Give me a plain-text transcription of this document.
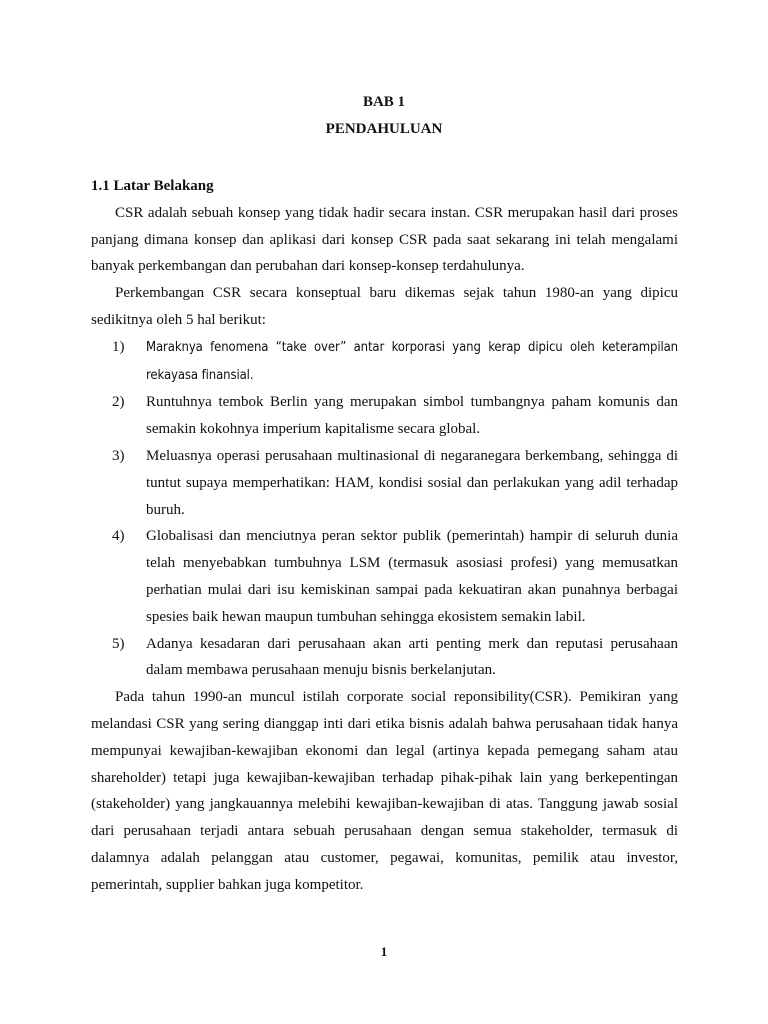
BAB 1
PENDAHULUAN

1.1 Latar Belakang

CSR adalah sebuah konsep yang tidak hadir secara instan. CSR merupakan hasil dari proses panjang dimana konsep dan aplikasi dari konsep CSR pada saat sekarang ini telah mengalami banyak perkembangan dan perubahan dari konsep-konsep terdahulunya.

Perkembangan CSR secara konseptual baru dikemas sejak tahun 1980-an yang dipicu sedikitnya oleh 5 hal berikut:

1) Maraknya fenomena “take over” antar korporasi yang kerap dipicu oleh keterampilan rekayasa finansial.
2) Runtuhnya tembok Berlin yang merupakan simbol tumbangnya paham komunis dan semakin kokohnya imperium kapitalisme secara global.
3) Meluasnya operasi perusahaan multinasional di negaranegara berkembang, sehingga di tuntut supaya memperhatikan: HAM, kondisi sosial dan perlakukan yang adil terhadap buruh.
4) Globalisasi dan menciutnya peran sektor publik (pemerintah) hampir di seluruh dunia telah menyebabkan tumbuhnya LSM (termasuk asosiasi profesi) yang memusatkan perhatian mulai dari isu kemiskinan sampai pada kekuatiran akan punahnya berbagai spesies baik hewan maupun tumbuhan sehingga ekosistem semakin labil.
5) Adanya kesadaran dari perusahaan akan arti penting merk dan reputasi perusahaan dalam membawa perusahaan menuju bisnis berkelanjutan.

Pada tahun 1990-an muncul istilah corporate social reponsibility(CSR). Pemikiran yang melandasi CSR yang sering dianggap inti dari etika bisnis adalah bahwa perusahaan tidak hanya mempunyai kewajiban-kewajiban ekonomi dan legal (artinya kepada pemegang saham atau shareholder) tetapi juga kewajiban-kewajiban terhadap pihak-pihak lain yang berkepentingan (stakeholder) yang jangkauannya melebihi kewajiban-kewajiban di atas. Tanggung jawab sosial dari perusahaan terjadi antara sebuah perusahaan dengan semua stakeholder, termasuk di dalamnya adalah pelanggan atau customer, pegawai, komunitas, pemilik atau investor, pemerintah, supplier bahkan juga kompetitor.

1
